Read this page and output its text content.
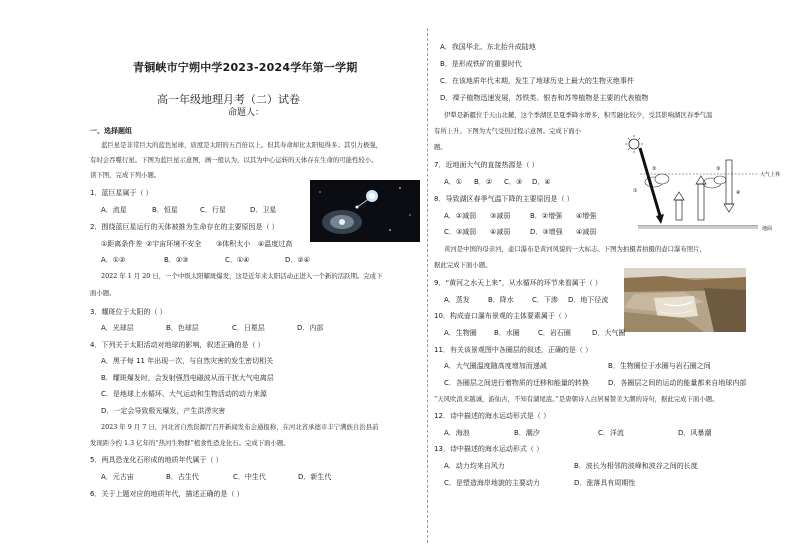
青铜峡市宁朔中学2023-2024学年第一学期
高一年级地理月考（二）试卷
命题人：
一、选择题组
蓝巨星是非常巨大的蓝色星球，质度是太阳的五百倍以上。但其寿命却比太阳短得多；其引力极强，
有时会吞噬行星。下图为蓝巨星示意图，画一般认为，以其为中心运转的天体存在生命的可能性较小。
读下图，完成下列小题。
1．蓝巨星属于（ ）
A．流星	B．恒星	C．行星	D．卫星
2．围绕蓝巨星运行的天体被推为生命存在的主要原因是（ ）
①距离条件差 ②宇宙环境不安全 ③体积太小 ④温度过高
A．①②	B．②③	C．①④	D．②④
2022 年 1 月 20 日，一个中级太阳耀斑爆发，这是近年来太阳活动正进入一个新的活跃期。完成下
面小题。
3．耀斑位于太阳的（ ）
A．光球层	B．色球层	C．日冕层	D．内部
4．下列关于太阳活动对地球的影响，叙述正确的是（ ）
A．黑子每 11 年出现一次，与自然灾害的发生密切相关
B．耀斑爆发时，会发射强烈电磁波从而干扰大气电离层
C．是地球上水循环、大气运动和生物活动的动力来源
D．一定会导致极光爆发，产生洪涝灾害
2023 年 9 月 7 日，河北省自然资源厅召开新闻发布会通报称，在河北省承德市丰宁满族自治县前
发现距今约 1.3 亿年的“热河生物群”植食性恐龙化石。完成下面小题。
5．两具恐龙化石形成的地质年代属于（ ）
A．元古宙	B．古生代	C．中生代	D．新生代
6．关于上题对应的地质年代，描述正确的是（ ）
A．我国华北、东北抬升成陆地
B．是形成铁矿的重要时代
C．在该地质年代末期，发生了地球历史上最大的生物灭绝事件
D．裸子植物迅速发展，苏铁类、银杏和苏等植物是主要的代表植物
伊犁是新疆位于天山北麓，这个季湖区是夏季降水增多，积雪融化较少，受其影响湖区春季气温
有所上升。下图为大气受热过程示意图。完成下面小
题。
①
②	③
④
大气上界
地面
7．近地面大气的直接热源是（ ）
A．① B．② C．③ D．④
8．导致湖区春季气温下降的主要原因是（ ）
A．②减弱 ③减弱	B．②增强 ④增强
C．③减弱 ④减弱	D．③增强 ④减弱
黄河是中国的母亲河，壶口瀑布是黄河风貌的一大标志。下图为拍摄者拍摄的壶口瀑布照片，
据此完成下面小题。
9．“黄河之水天上来”，从水循环的环节来看属于（ ）
A．蒸发	B．降水	C．下渗 D．地下径流
10．构成壶口瀑布景观的主体要素属于（ ）
A．生物圈 B．水圈	C．岩石圈	D．大气圈
11．有关该景观图中各圈层的叙述，正确的是（ ）
A．大气圈温度随高度增加而递减	B．生物圈位于水圈与岩石圈之间
C．各圈层之间进行着物质的迁移和能量的转换	D．各圈层之间的运动的能量都来自地球内部
“天风吹浪来越诚，游仙古，不知有湖尾底。”是唐朝诗人白居易赞美大潮的诗句，据此完成下面小题。
12．诗中描述的海水运动形式是（ ）
A．海浪	B．潮汐	C．洋流	D．风暴潮
13．诗中描述的海水运动形式（ ）
A．动力均来自风力	B．波长为相邻的波峰和波谷之间的长度
C．是塑造海岸地貌的主要动力	D．涨落具有周期性
